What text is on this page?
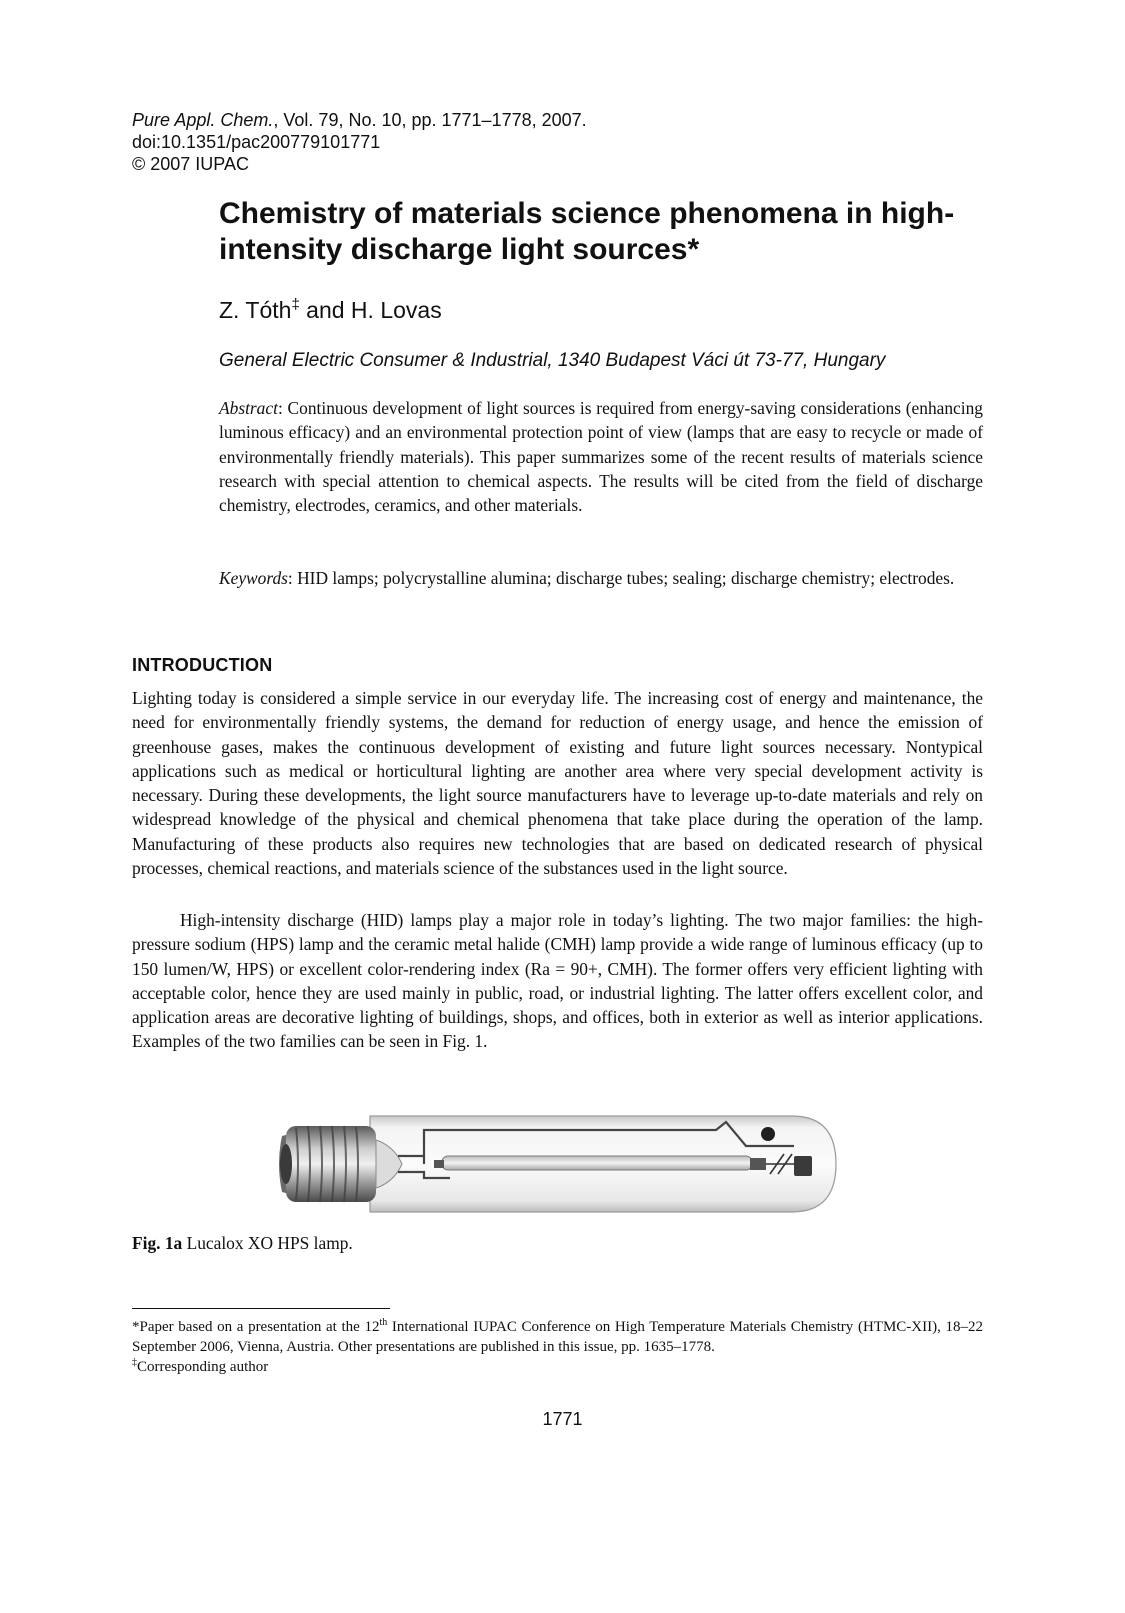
Pure Appl. Chem., Vol. 79, No. 10, pp. 1771–1778, 2007.
doi:10.1351/pac200779101771
© 2007 IUPAC
Chemistry of materials science phenomena in high-intensity discharge light sources*
Z. Tóth‡ and H. Lovas
General Electric Consumer & Industrial, 1340 Budapest Váci út 73-77, Hungary
Abstract: Continuous development of light sources is required from energy-saving considerations (enhancing luminous efficacy) and an environmental protection point of view (lamps that are easy to recycle or made of environmentally friendly materials). This paper summarizes some of the recent results of materials science research with special attention to chemical aspects. The results will be cited from the field of discharge chemistry, electrodes, ceramics, and other materials.
Keywords: HID lamps; polycrystalline alumina; discharge tubes; sealing; discharge chemistry; electrodes.
INTRODUCTION
Lighting today is considered a simple service in our everyday life. The increasing cost of energy and maintenance, the need for environmentally friendly systems, the demand for reduction of energy usage, and hence the emission of greenhouse gases, makes the continuous development of existing and future light sources necessary. Nontypical applications such as medical or horticultural lighting are another area where very special development activity is necessary. During these developments, the light source manufacturers have to leverage up-to-date materials and rely on widespread knowledge of the physical and chemical phenomena that take place during the operation of the lamp. Manufacturing of these products also requires new technologies that are based on dedicated research of physical processes, chemical reactions, and materials science of the substances used in the light source.
High-intensity discharge (HID) lamps play a major role in today’s lighting. The two major families: the high-pressure sodium (HPS) lamp and the ceramic metal halide (CMH) lamp provide a wide range of luminous efficacy (up to 150 lumen/W, HPS) or excellent color-rendering index (Ra = 90+, CMH). The former offers very efficient lighting with acceptable color, hence they are used mainly in public, road, or industrial lighting. The latter offers excellent color, and application areas are decorative lighting of buildings, shops, and offices, both in exterior as well as interior applications. Examples of the two families can be seen in Fig. 1.
Fig. 1a Lucalox XO HPS lamp.
*Paper based on a presentation at the 12th International IUPAC Conference on High Temperature Materials Chemistry (HTMC-XII), 18–22 September 2006, Vienna, Austria. Other presentations are published in this issue, pp. 1635–1778.
‡Corresponding author
1771
